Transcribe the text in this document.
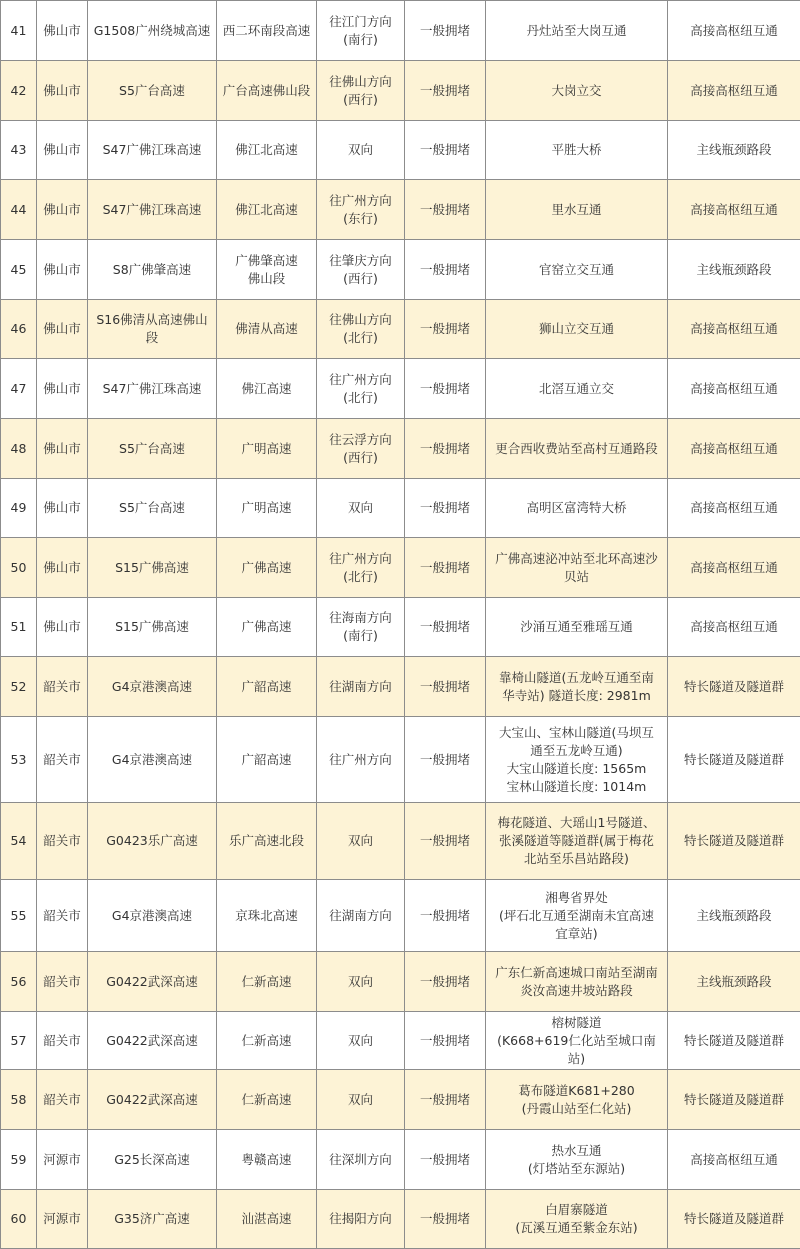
41	佛山市	G1508广州绕城高速	西二环南段高速	往江门方向
(南行)	一般拥堵	丹灶站至大岗互通	高接高枢纽互通
42	佛山市	S5广台高速	广台高速佛山段	往佛山方向
(西行)	一般拥堵	大岗立交	高接高枢纽互通
43	佛山市	S47广佛江珠高速	佛江北高速	双向	一般拥堵	平胜大桥	主线瓶颈路段
44	佛山市	S47广佛江珠高速	佛江北高速	往广州方向
(东行)	一般拥堵	里水互通	高接高枢纽互通
45	佛山市	S8广佛肇高速	广佛肇高速
佛山段	往肇庆方向
(西行)	一般拥堵	官窑立交互通	主线瓶颈路段
46	佛山市	S16佛清从高速佛山段	佛清从高速	往佛山方向
(北行)	一般拥堵	狮山立交互通	高接高枢纽互通
47	佛山市	S47广佛江珠高速	佛江高速	往广州方向
(北行)	一般拥堵	北滘互通立交	高接高枢纽互通
48	佛山市	S5广台高速	广明高速	往云浮方向
(西行)	一般拥堵	更合西收费站至高村互通路段	高接高枢纽互通
49	佛山市	S5广台高速	广明高速	双向	一般拥堵	高明区富湾特大桥	高接高枢纽互通
50	佛山市	S15广佛高速	广佛高速	往广州方向
(北行)	一般拥堵	广佛高速泌冲站至北环高速沙
贝站	高接高枢纽互通
51	佛山市	S15广佛高速	广佛高速	往海南方向
(南行)	一般拥堵	沙涌互通至雅瑶互通	高接高枢纽互通
52	韶关市	G4京港澳高速	广韶高速	往湖南方向	一般拥堵	靠椅山隧道(五龙岭互通至南
华寺站) 隧道长度: 2981m	特长隧道及隧道群
53	韶关市	G4京港澳高速	广韶高速	往广州方向	一般拥堵	大宝山、宝林山隧道(马坝互
通至五龙岭互通)
大宝山隧道长度: 1565m
宝林山隧道长度: 1014m	特长隧道及隧道群
54	韶关市	G0423乐广高速	乐广高速北段	双向	一般拥堵	梅花隧道、大瑶山1号隧道、
张溪隧道等隧道群(属于梅花
北站至乐昌站路段)	特长隧道及隧道群
55	韶关市	G4京港澳高速	京珠北高速	往湖南方向	一般拥堵	湘粤省界处
(坪石北互通至湖南未宜高速
宜章站)	主线瓶颈路段
56	韶关市	G0422武深高速	仁新高速	双向	一般拥堵	广东仁新高速城口南站至湖南
炎汝高速井坡站路段	主线瓶颈路段
57	韶关市	G0422武深高速	仁新高速	双向	一般拥堵	榕树隧道
(K668+619仁化站至城口南
站)	特长隧道及隧道群
58	韶关市	G0422武深高速	仁新高速	双向	一般拥堵	葛布隧道K681+280
(丹霞山站至仁化站)	特长隧道及隧道群
59	河源市	G25长深高速	粤赣高速	往深圳方向	一般拥堵	热水互通
(灯塔站至东源站)	高接高枢纽互通
60	河源市	G35济广高速	汕湛高速	往揭阳方向	一般拥堵	白眉寨隧道
(瓦溪互通至紫金东站)	特长隧道及隧道群
